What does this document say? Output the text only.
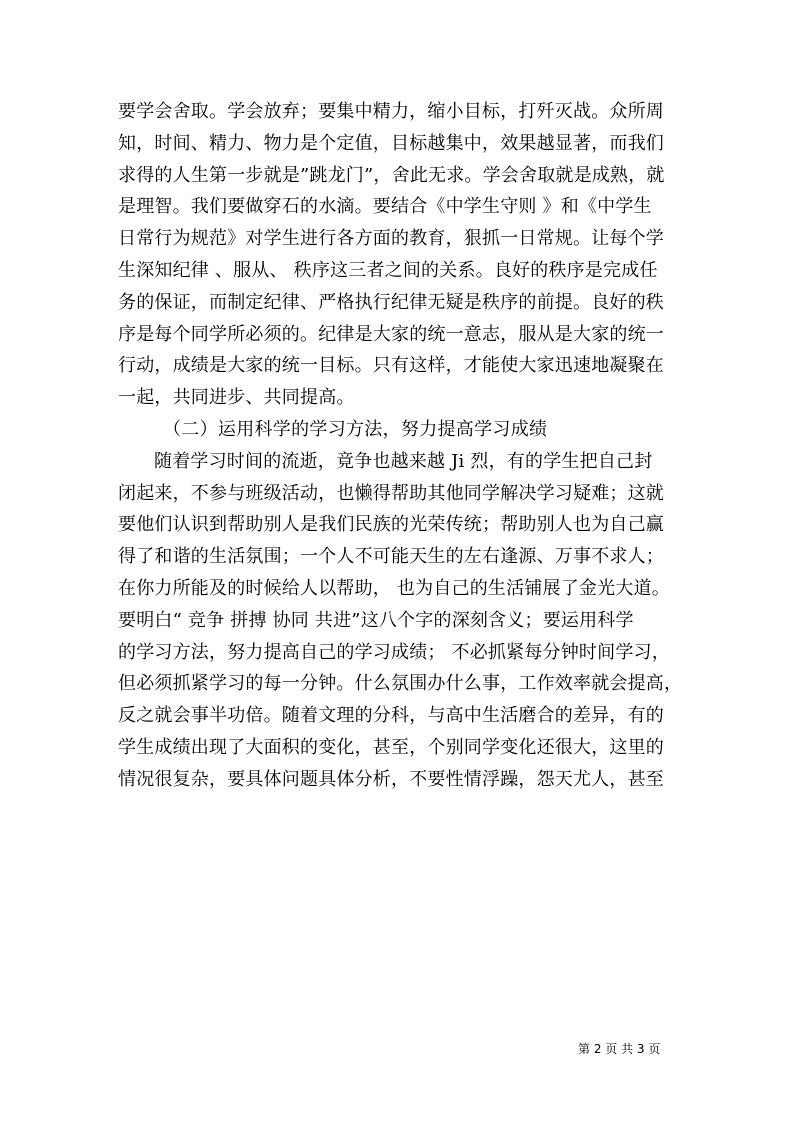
要学会舍取。学会放弃；要集中精力，缩小目标，打歼灭战。众所周
知，时间、精力、物力是个定值，目标越集中，效果越显著，而我们
求得的人生第一步就是”跳龙门”，舍此无求。学会舍取就是成熟，就
是理智。我们要做穿石的水滴。要结合《中学生守则 》和《中学生
日常行为规范》对学生进行各方面的教育，狠抓一日常规。让每个学
生深知纪律 、服从、 秩序这三者之间的关系。良好的秩序是完成任
务的保证，而制定纪律、严格执行纪律无疑是秩序的前提。良好的秩
序是每个同学所必须的。纪律是大家的统一意志，服从是大家的统一
行动，成绩是大家的统一目标。只有这样，才能使大家迅速地凝聚在
一起，共同进步、共同提高。
（二）运用科学的学习方法，努力提高学习成绩
随着学习时间的流逝，竟争也越来越 Ji 烈，有的学生把自己封
闭起来，不参与班级活动，也懒得帮助其他同学解决学习疑难；这就
要他们认识到帮助别人是我们民族的光荣传统；帮助别人也为自己赢
得了和谐的生活氛围；一个人不可能天生的左右逢源、万事不求人；
在你力所能及的时候给人以帮助， 也为自己的生活铺展了金光大道。
要明白“ 竞争 拼搏 协同 共进”这八个字的深刻含义；要运用科学
的学习方法，努力提高自己的学习成绩； 不必抓紧每分钟时间学习，
但必须抓紧学习的每一分钟。什么氛围办什么事，工作效率就会提高，
反之就会事半功倍。随着文理的分科，与高中生活磨合的差异，有的
学生成绩出现了大面积的变化，甚至，个别同学变化还很大，这里的
情况很复杂，要具体问题具体分析，不要性情浮躁，怨天尤人，甚至
第 2 页 共 3 页
